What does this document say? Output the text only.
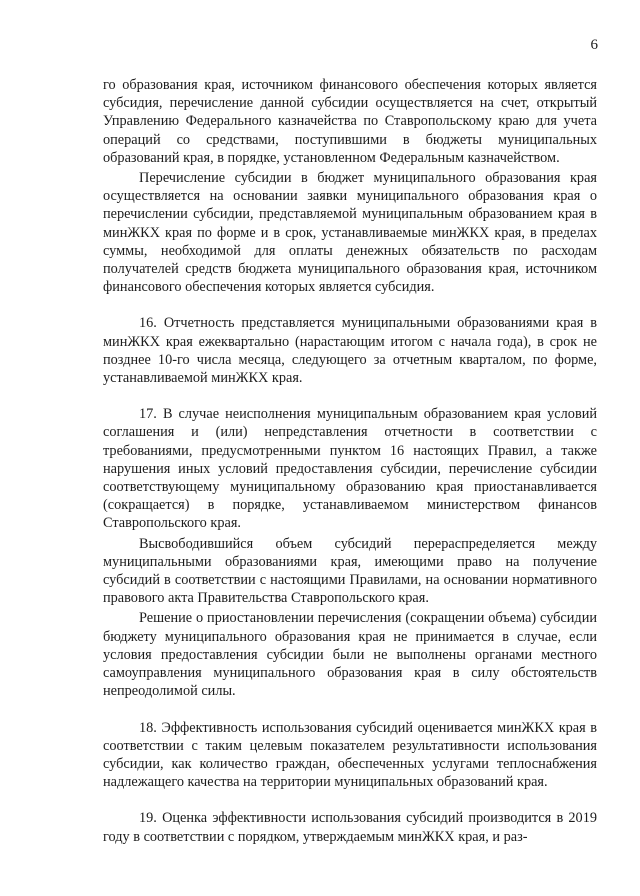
6

го образования края, источником финансового обеспечения которых является субсидия, перечисление данной субсидии осуществляется на счет, открытый Управлению Федерального казначейства по Ставропольскому краю для учета операций со средствами, поступившими в бюджеты муниципальных образований края, в порядке, установленном Федеральным казначейством.

Перечисление субсидии в бюджет муниципального образования края осуществляется на основании заявки муниципального образования края о перечислении субсидии, представляемой муниципальным образованием края в минЖКХ края по форме и в срок, устанавливаемые минЖКХ края, в пределах суммы, необходимой для оплаты денежных обязательств по расходам получателей средств бюджета муниципального образования края, источником финансового обеспечения которых является субсидия.

16. Отчетность представляется муниципальными образованиями края в минЖКХ края ежеквартально (нарастающим итогом с начала года), в срок не позднее 10-го числа месяца, следующего за отчетным кварталом, по форме, устанавливаемой минЖКХ края.

17. В случае неисполнения муниципальным образованием края условий соглашения и (или) непредставления отчетности в соответствии с требованиями, предусмотренными пунктом 16 настоящих Правил, а также нарушения иных условий предоставления субсидии, перечисление субсидии соответствующему муниципальному образованию края приостанавливается (сокращается) в порядке, устанавливаемом министерством финансов Ставропольского края.

Высвободившийся объем субсидий перераспределяется между муниципальными образованиями края, имеющими право на получение субсидий в соответствии с настоящими Правилами, на основании нормативного правового акта Правительства Ставропольского края.

Решение о приостановлении перечисления (сокращении объема) субсидии бюджету муниципального образования края не принимается в случае, если условия предоставления субсидии были не выполнены органами местного самоуправления муниципального образования края в силу обстоятельств непреодолимой силы.

18. Эффективность использования субсидий оценивается минЖКХ края в соответствии с таким целевым показателем результативности использования субсидии, как количество граждан, обеспеченных услугами теплоснабжения надлежащего качества на территории муниципальных образований края.

19. Оценка эффективности использования субсидий производится в 2019 году в соответствии с порядком, утверждаемым минЖКХ края, и раз-
